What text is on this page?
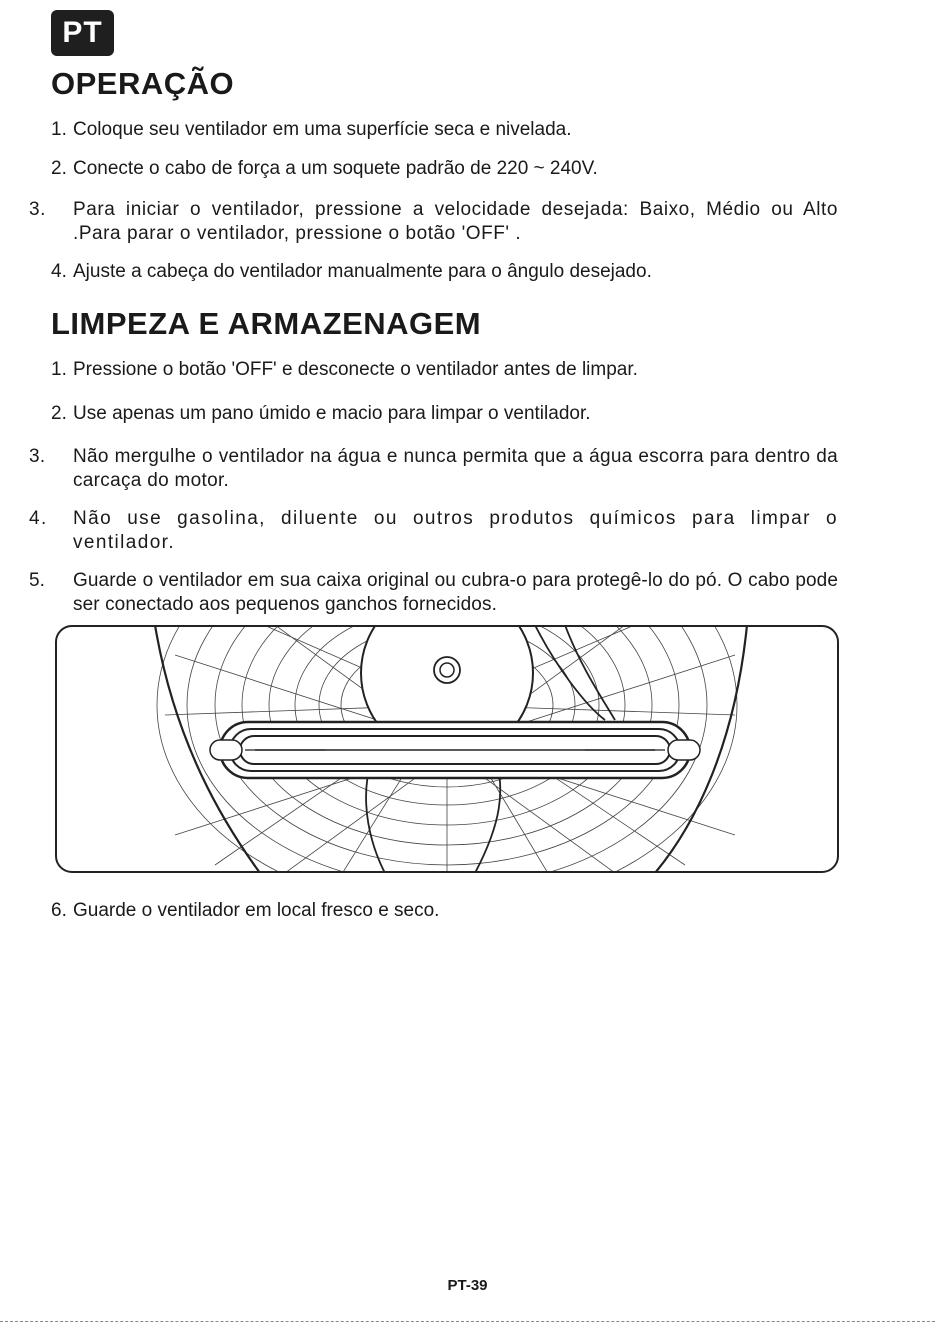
PT
OPERAÇÃO
1. Coloque seu ventilador em uma superfície seca e nivelada.
2. Conecte o cabo de força a um soquete padrão de 220 ~ 240V.
3. Para iniciar o ventilador, pressione a velocidade desejada: Baixo, Médio ou Alto .Para parar o ventilador, pressione o botão 'OFF' .
4. Ajuste a cabeça do ventilador manualmente para o ângulo desejado.
LIMPEZA E ARMAZENAGEM
1. Pressione o botão 'OFF' e desconecte o ventilador antes de limpar.
2. Use apenas um pano úmido e macio para limpar o ventilador.
3. Não mergulhe o ventilador na água e nunca permita que a água escorra para dentro da carcaça do motor.
4. Não use gasolina, diluente ou outros produtos químicos para limpar o ventilador.
5. Guarde o ventilador em sua caixa original ou cubra-o para protegê-lo do pó. O cabo pode ser conectado aos pequenos ganchos fornecidos.
6. Guarde o ventilador em local fresco e seco.
PT-39
